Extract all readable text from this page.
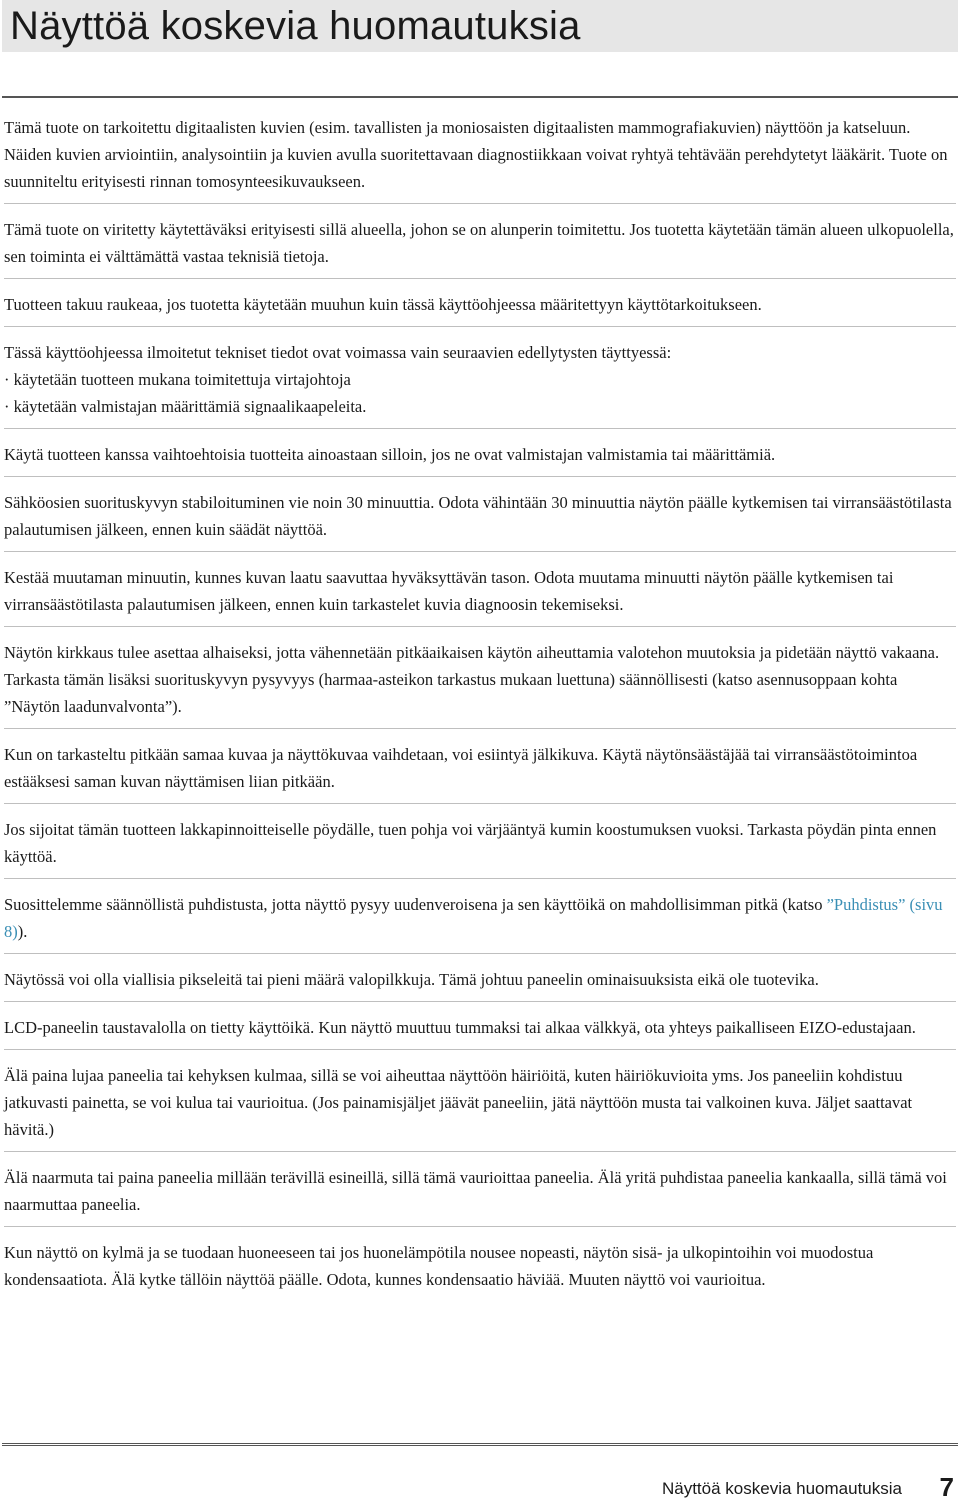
Näyttöä koskevia huomautuksia

Tämä tuote on tarkoitettu digitaalisten kuvien (esim. tavallisten ja moniosaisten digitaalisten mammografiakuvien) näyttöön ja katseluun. Näiden kuvien arviointiin, analysointiin ja kuvien avulla suoritettavaan diagnostiikkaan voivat ryhtyä tehtävään perehdytetyt lääkärit. Tuote on suunniteltu erityisesti rinnan tomosynteesikuvaukseen.

Tämä tuote on viritetty käytettäväksi erityisesti sillä alueella, johon se on alunperin toimitettu. Jos tuotetta käytetään tämän alueen ulkopuolella, sen toiminta ei välttämättä vastaa teknisiä tietoja.

Tuotteen takuu raukeaa, jos tuotetta käytetään muuhun kuin tässä käyttöohjeessa määritettyyn käyttötarkoitukseen.

Tässä käyttöohjeessa ilmoitetut tekniset tiedot ovat voimassa vain seuraavien edellytysten täyttyessä:

· käytetään tuotteen mukana toimitettuja virtajohtoja

· käytetään valmistajan määrittämiä signaalikaapeleita.

Käytä tuotteen kanssa vaihtoehtoisia tuotteita ainoastaan silloin, jos ne ovat valmistajan valmistamia tai määrittämiä.

Sähköosien suorituskyvyn stabiloituminen vie noin 30 minuuttia. Odota vähintään 30 minuuttia näytön päälle kytkemisen tai virransäästötilasta palautumisen jälkeen, ennen kuin säädät näyttöä.

Kestää muutaman minuutin, kunnes kuvan laatu saavuttaa hyväksyttävän tason. Odota muutama minuutti näytön päälle kytkemisen tai virransäästötilasta palautumisen jälkeen, ennen kuin tarkastelet kuvia diagnoosin tekemiseksi.

Näytön kirkkaus tulee asettaa alhaiseksi, jotta vähennetään pitkäaikaisen käytön aiheuttamia valotehon muutoksia ja pidetään näyttö vakaana. Tarkasta tämän lisäksi suorituskyvyn pysyvyys (harmaa-asteikon tarkastus mukaan luettuna) säännöllisesti (katso asennusoppaan kohta ”Näytön laadunvalvonta”).

Kun on tarkasteltu pitkään samaa kuvaa ja näyttökuvaa vaihdetaan, voi esiintyä jälkikuva. Käytä näytönsäästäjää tai virransäästötoimintoa estääksesi saman kuvan näyttämisen liian pitkään.

Jos sijoitat tämän tuotteen lakkapinnoitteiselle pöydälle, tuen pohja voi värjääntyä kumin koostumuksen vuoksi. Tarkasta pöydän pinta ennen käyttöä.

Suosittelemme säännöllistä puhdistusta, jotta näyttö pysyy uudenveroisena ja sen käyttöikä on mahdollisimman pitkä (katso ”Puhdistus” (sivu 8)).

Näytössä voi olla viallisia pikseleitä tai pieni määrä valopilkkuja. Tämä johtuu paneelin ominaisuuksista eikä ole tuotevika.

LCD-paneelin taustavalolla on tietty käyttöikä. Kun näyttö muuttuu tummaksi tai alkaa välkkyä, ota yhteys paikalliseen EIZO-edustajaan.

Älä paina lujaa paneelia tai kehyksen kulmaa, sillä se voi aiheuttaa näyttöön häiriöitä, kuten häiriökuvioita yms. Jos paneeliin kohdistuu jatkuvasti painetta, se voi kulua tai vaurioitua. (Jos painamisjäljet jäävät paneeliin, jätä näyttöön musta tai valkoinen kuva. Jäljet saattavat hävitä.)

Älä naarmuta tai paina paneelia millään terävillä esineillä, sillä tämä vaurioittaa paneelia. Älä yritä puhdistaa paneelia kankaalla, sillä tämä voi naarmuttaa paneelia.

Kun näyttö on kylmä ja se tuodaan huoneeseen tai jos huonelämpötila nousee nopeasti, näytön sisä- ja ulkopintoihin voi muodostua kondensaatiota. Älä kytke tällöin näyttöä päälle. Odota, kunnes kondensaatio häviää. Muuten näyttö voi vaurioitua.

Näyttöä koskevia huomautuksia 7
